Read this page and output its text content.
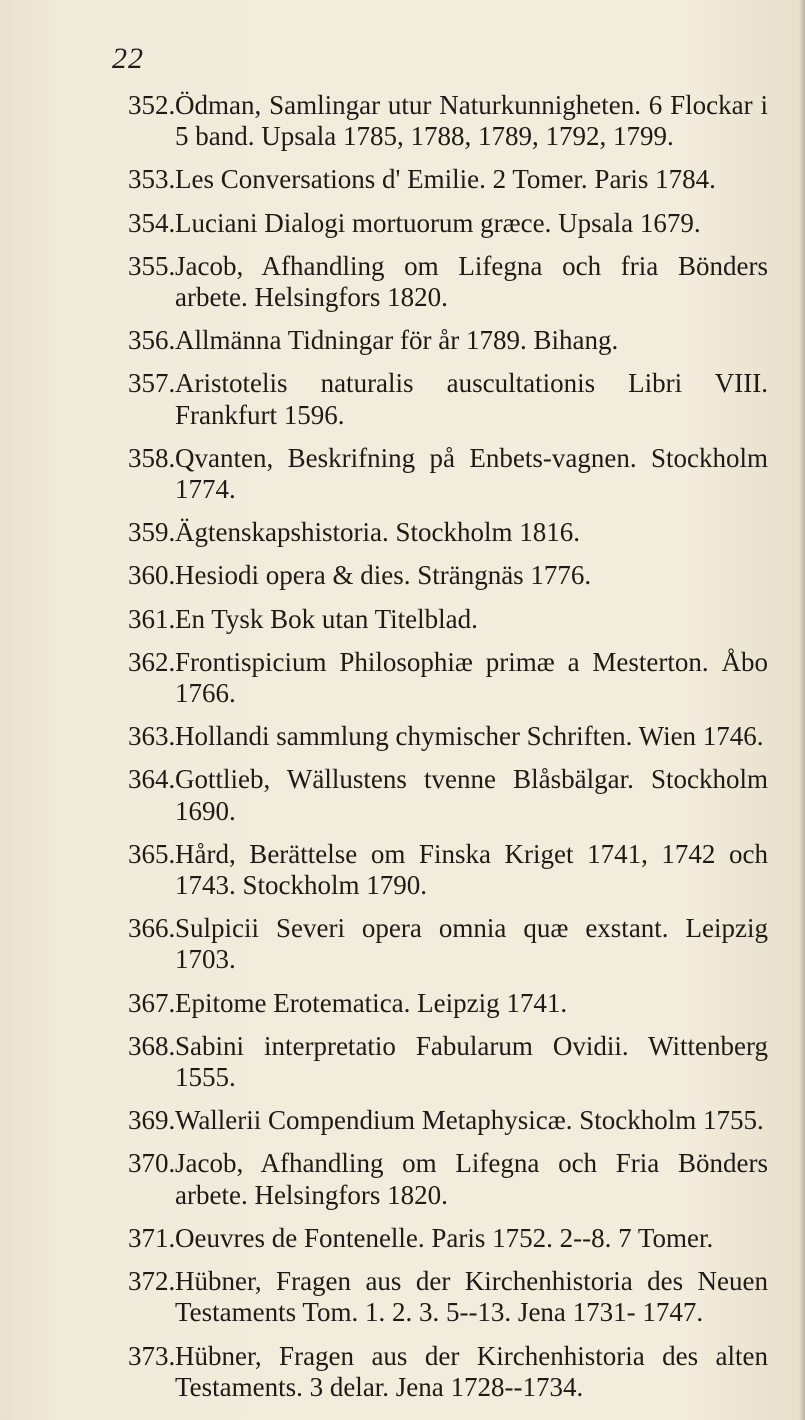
22
352. Ödman, Samlingar utur Naturkunnigheten. 6 Flockar i 5 band. Upsala 1785, 1788, 1789, 1792, 1799.
353. Les Conversations d' Emilie. 2 Tomer. Paris 1784.
354. Luciani Dialogi mortuorum græce. Upsala 1679.
355. Jacob, Afhandling om Lifegna och fria Bönders arbete. Helsingfors 1820.
356. Allmänna Tidningar för år 1789. Bihang.
357. Aristotelis naturalis auscultationis Libri VIII. Frankfurt 1596.
358. Qvanten, Beskrifning på Enbets-vagnen. Stockholm 1774.
359. Ägtenskapshistoria. Stockholm 1816.
360. Hesiodi opera & dies. Strängnäs 1776.
361. En Tysk Bok utan Titelblad.
362. Frontispicium Philosophiæ primæ a Mesterton. Åbo 1766.
363. Hollandi sammlung chymischer Schriften. Wien 1746.
364. Gottlieb, Wällustens tvenne Blåsbälgar. Stockholm 1690.
365. Hård, Berättelse om Finska Kriget 1741, 1742 och 1743. Stockholm 1790.
366. Sulpicii Severi opera omnia quæ exstant. Leipzig 1703.
367. Epitome Erotematica. Leipzig 1741.
368. Sabini interpretatio Fabularum Ovidii. Wittenberg 1555.
369. Wallerii Compendium Metaphysicæ. Stockholm 1755.
370. Jacob, Afhandling om Lifegna och Fria Bönders arbete. Helsingfors 1820.
371. Oeuvres de Fontenelle. Paris 1752. 2--8. 7 Tomer.
372. Hübner, Fragen aus der Kirchenhistoria des Neuen Testaments Tom. 1. 2. 3. 5--13. Jena 1731- 1747.
373. Hübner, Fragen aus der Kirchenhistoria des alten Testaments. 3 delar. Jena 1728--1734.
